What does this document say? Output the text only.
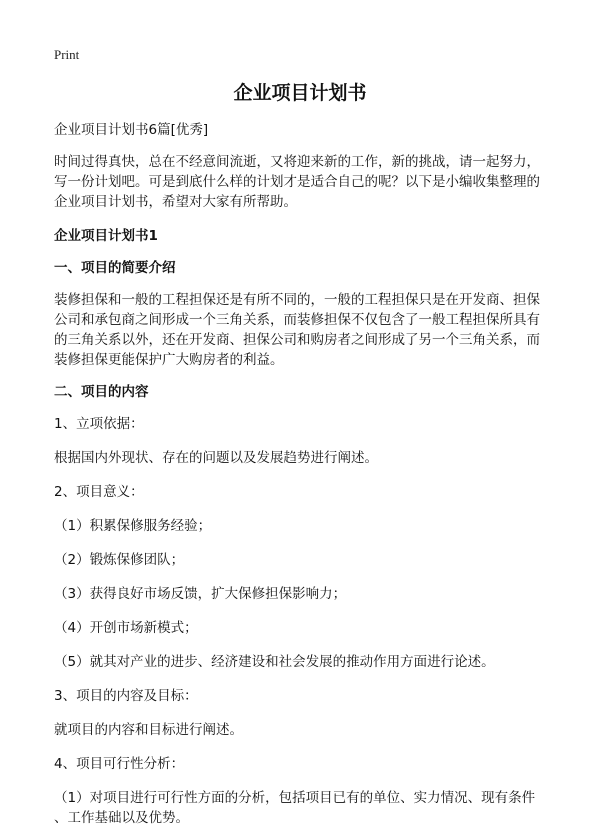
Print
企业项目计划书

企业项目计划书6篇[优秀]

时间过得真快，总在不经意间流逝，又将迎来新的工作，新的挑战，请一起努力，

写一份计划吧。可是到底什么样的计划才是适合自己的呢？以下是小编收集整理的

企业项目计划书，希望对大家有所帮助。

企业项目计划书1

一、项目的简要介绍

装修担保和一般的工程担保还是有所不同的，一般的工程担保只是在开发商、担保

公司和承包商之间形成一个三角关系，而装修担保不仅包含了一般工程担保所具有

的三角关系以外，还在开发商、担保公司和购房者之间形成了另一个三角关系，而

装修担保更能保护广大购房者的利益。

二、项目的内容

1、立项依据：

根据国内外现状、存在的问题以及发展趋势进行阐述。

2、项目意义：

（1）积累保修服务经验；

（2）锻炼保修团队；

（3）获得良好市场反馈，扩大保修担保影响力；

（4）开创市场新模式；

（5）就其对产业的进步、经济建设和社会发展的推动作用方面进行论述。

3、项目的内容及目标：

就项目的内容和目标进行阐述。

4、项目可行性分析：

（1）对项目进行可行性方面的分析，包括项目已有的单位、实力情况、现有条件

、工作基础以及优势。
